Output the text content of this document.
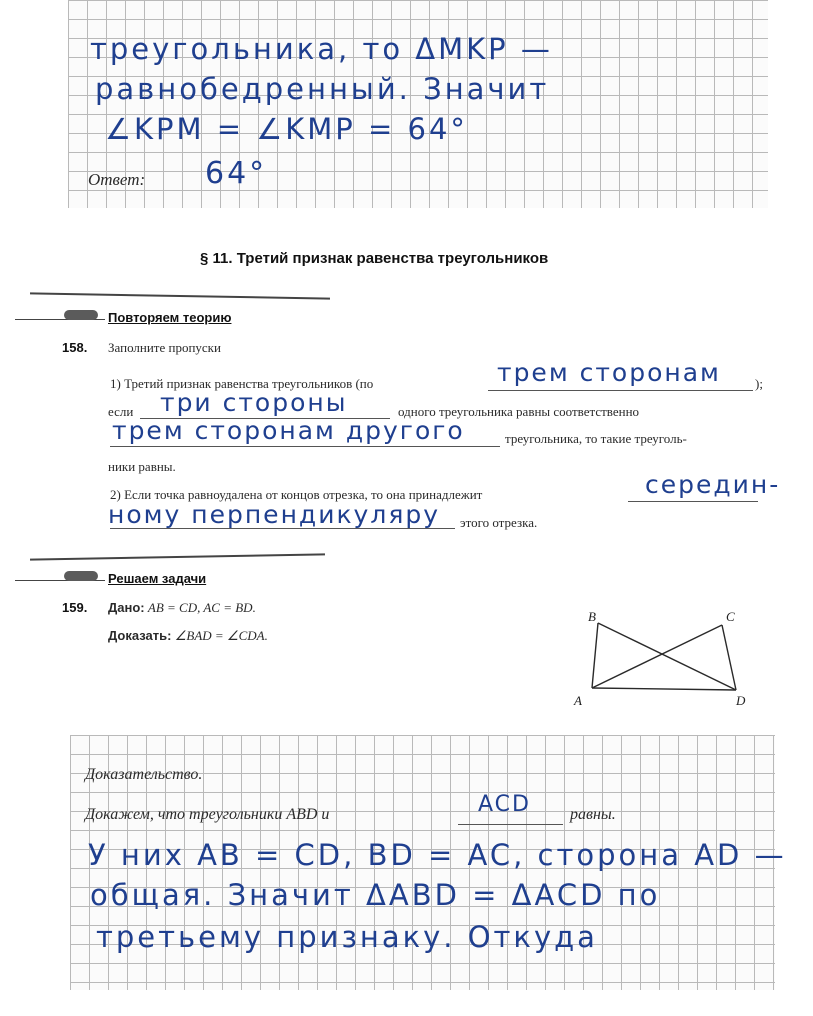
треугольника, то ΔMKP —
равнобедренный. Значит
∠KPM = ∠KMP = 64°
Ответ: 64°
§ 11. Третий признак равенства треугольников
Повторяем теорию
158. Заполните пропуски
1) Третий признак равенства треугольников (по	трем сторонам	);
если три стороны	одного треугольника равны соответственно
трем сторонам другого	треугольника, то такие треуголь-
ники равны.
2) Если точка равноудалена от концов отрезка, то она принадлежит	середин-
ному перпендикуляру этого отрезка.
Решаем задачи
159. Дано: AB = CD, AC = BD.
Доказать: ∠BAD = ∠CDA.
B	C
A	D
Доказательство.
Докажем, что треугольники ABD и	ACD равны.
У них AB = CD, BD = AC, сторона AD —
общая. Значит ΔABD = ΔACD по
третьему признаку. Откуда
